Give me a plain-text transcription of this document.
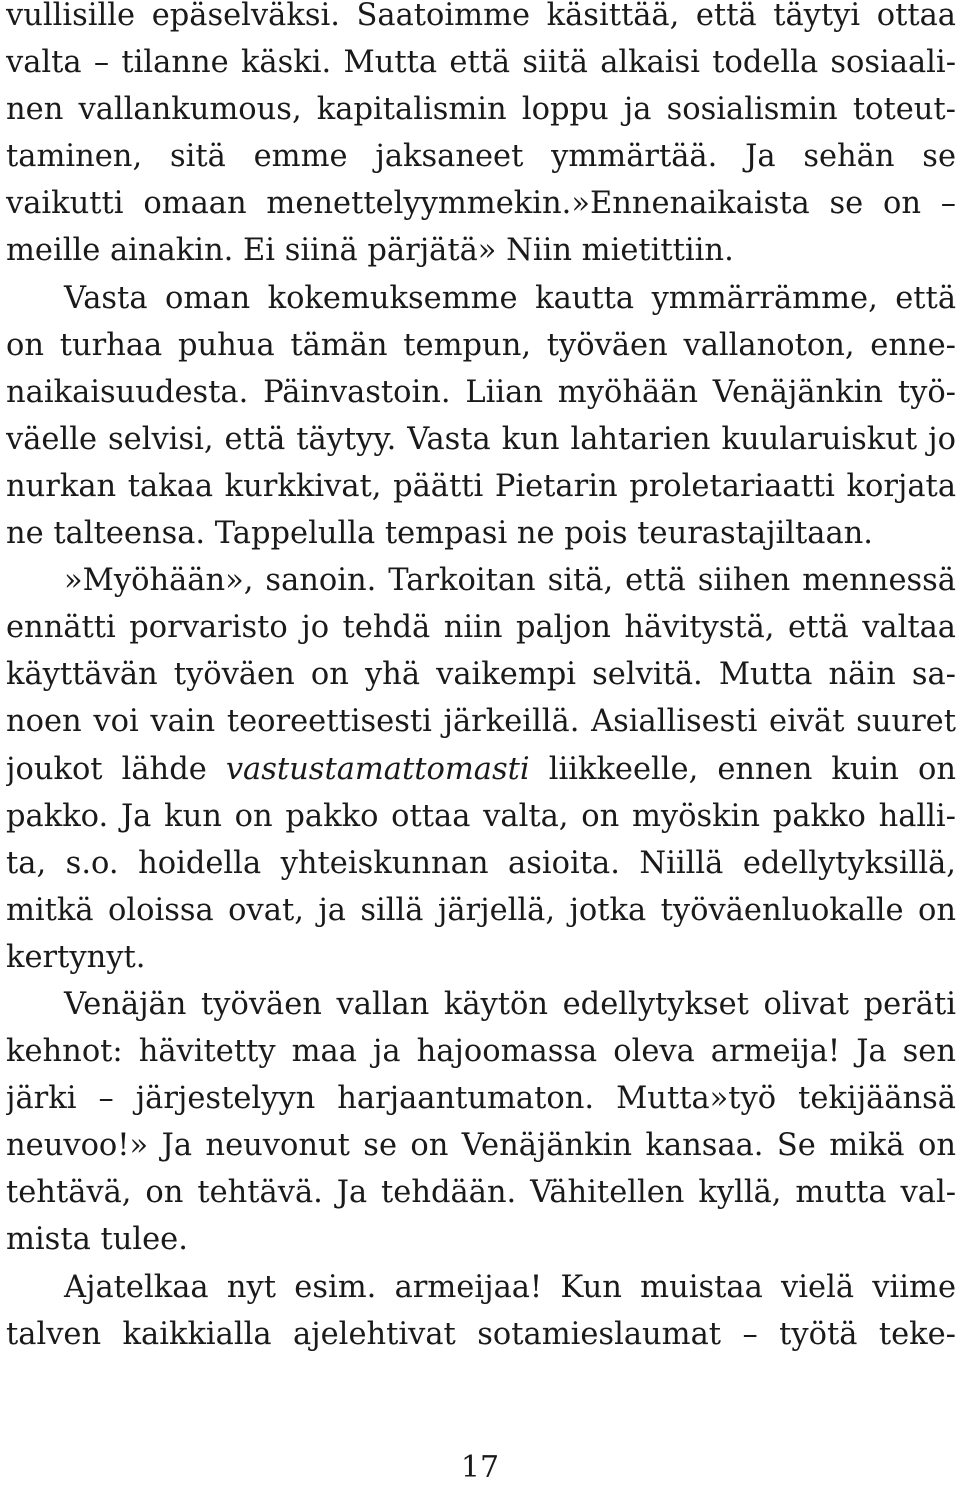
vullisille epäselväksi. Saatoimme käsittää, että täytyi ottaa
valta – tilanne käski. Mutta että siitä alkaisi todella sosiaali-
nen vallankumous, kapitalismin loppu ja sosialismin toteut-
taminen, sitä emme jaksaneet ymmärtää. Ja sehän se
vaikutti omaan menettelyymmekin.»Ennenaikaista se on –
meille ainakin. Ei siinä pärjätä» Niin mietittiin.
Vasta oman kokemuksemme kautta ymmärrämme, että
on turhaa puhua tämän tempun, työväen vallanoton, enne-
naikaisuudesta. Päinvastoin. Liian myöhään Venäjänkin työ-
väelle selvisi, että täytyy. Vasta kun lahtarien kuularuiskut jo
nurkan takaa kurkkivat, päätti Pietarin proletariaatti korjata
ne talteensa. Tappelulla tempasi ne pois teurastajiltaan.
»Myöhään», sanoin. Tarkoitan sitä, että siihen mennessä
ennätti porvaristo jo tehdä niin paljon hävitystä, että valtaa
käyttävän työväen on yhä vaikempi selvitä. Mutta näin sa-
noen voi vain teoreettisesti järkeillä. Asiallisesti eivät suuret
joukot lähde vastustamattomasti liikkeelle, ennen kuin on
pakko. Ja kun on pakko ottaa valta, on myöskin pakko halli-
ta, s.o. hoidella yhteiskunnan asioita. Niillä edellytyksillä,
mitkä oloissa ovat, ja sillä järjellä, jotka työväenluokalle on
kertynyt.
Venäjän työväen vallan käytön edellytykset olivat peräti
kehnot: hävitetty maa ja hajoomassa oleva armeija! Ja sen
järki – järjestelyyn harjaantumaton. Mutta»työ tekijäänsä
neuvoo!» Ja neuvonut se on Venäjänkin kansaa. Se mikä on
tehtävä, on tehtävä. Ja tehdään. Vähitellen kyllä, mutta val-
mista tulee.
Ajatelkaa nyt esim. armeijaa! Kun muistaa vielä viime
talven kaikkialla ajelehtivat sotamieslaumat – työtä teke-
17
